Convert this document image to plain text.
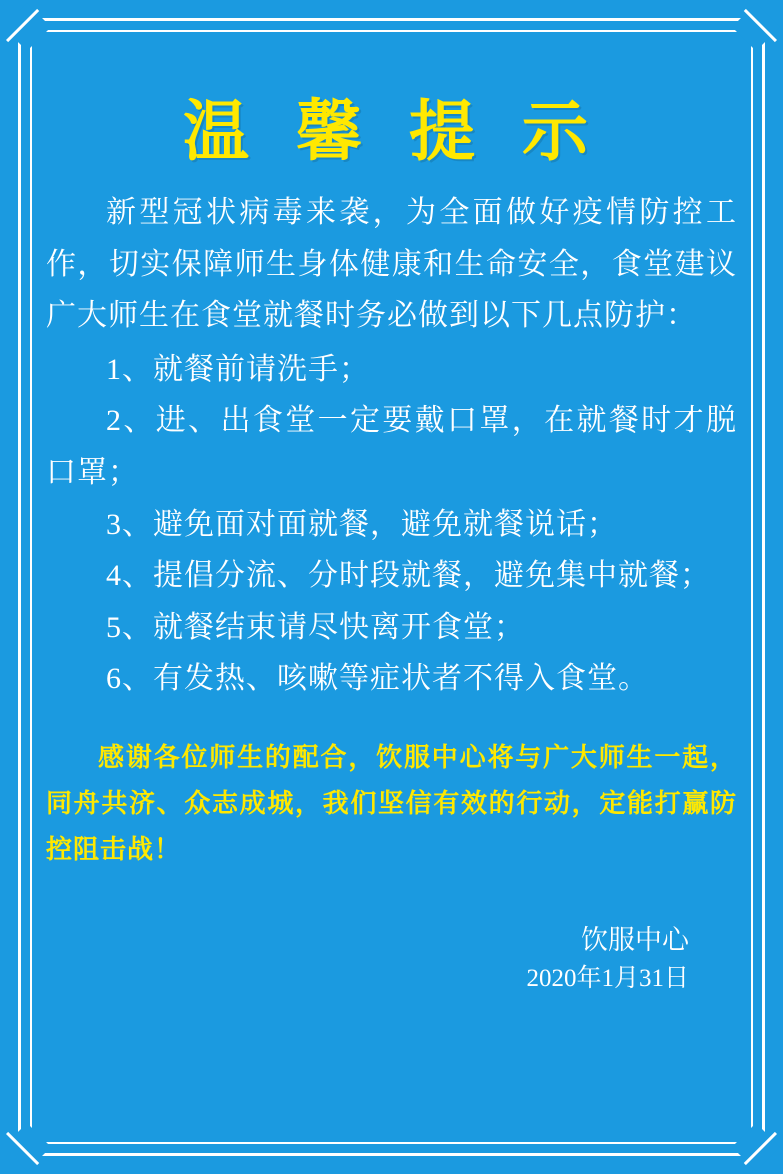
温 馨 提 示

新型冠状病毒来袭，为全面做好疫情防控工作，切实保障师生身体健康和生命安全，食堂建议广大师生在食堂就餐时务必做到以下几点防护：

1、就餐前请洗手；

2、进、出食堂一定要戴口罩，在就餐时才脱口罩；

3、避免面对面就餐，避免就餐说话；

4、提倡分流、分时段就餐，避免集中就餐；

5、就餐结束请尽快离开食堂；

6、有发热、咳嗽等症状者不得入食堂。

感谢各位师生的配合，饮服中心将与广大师生一起，同舟共济、众志成城，我们坚信有效的行动，定能打赢防控阻击战！
饮服中心
2020年1月31日
